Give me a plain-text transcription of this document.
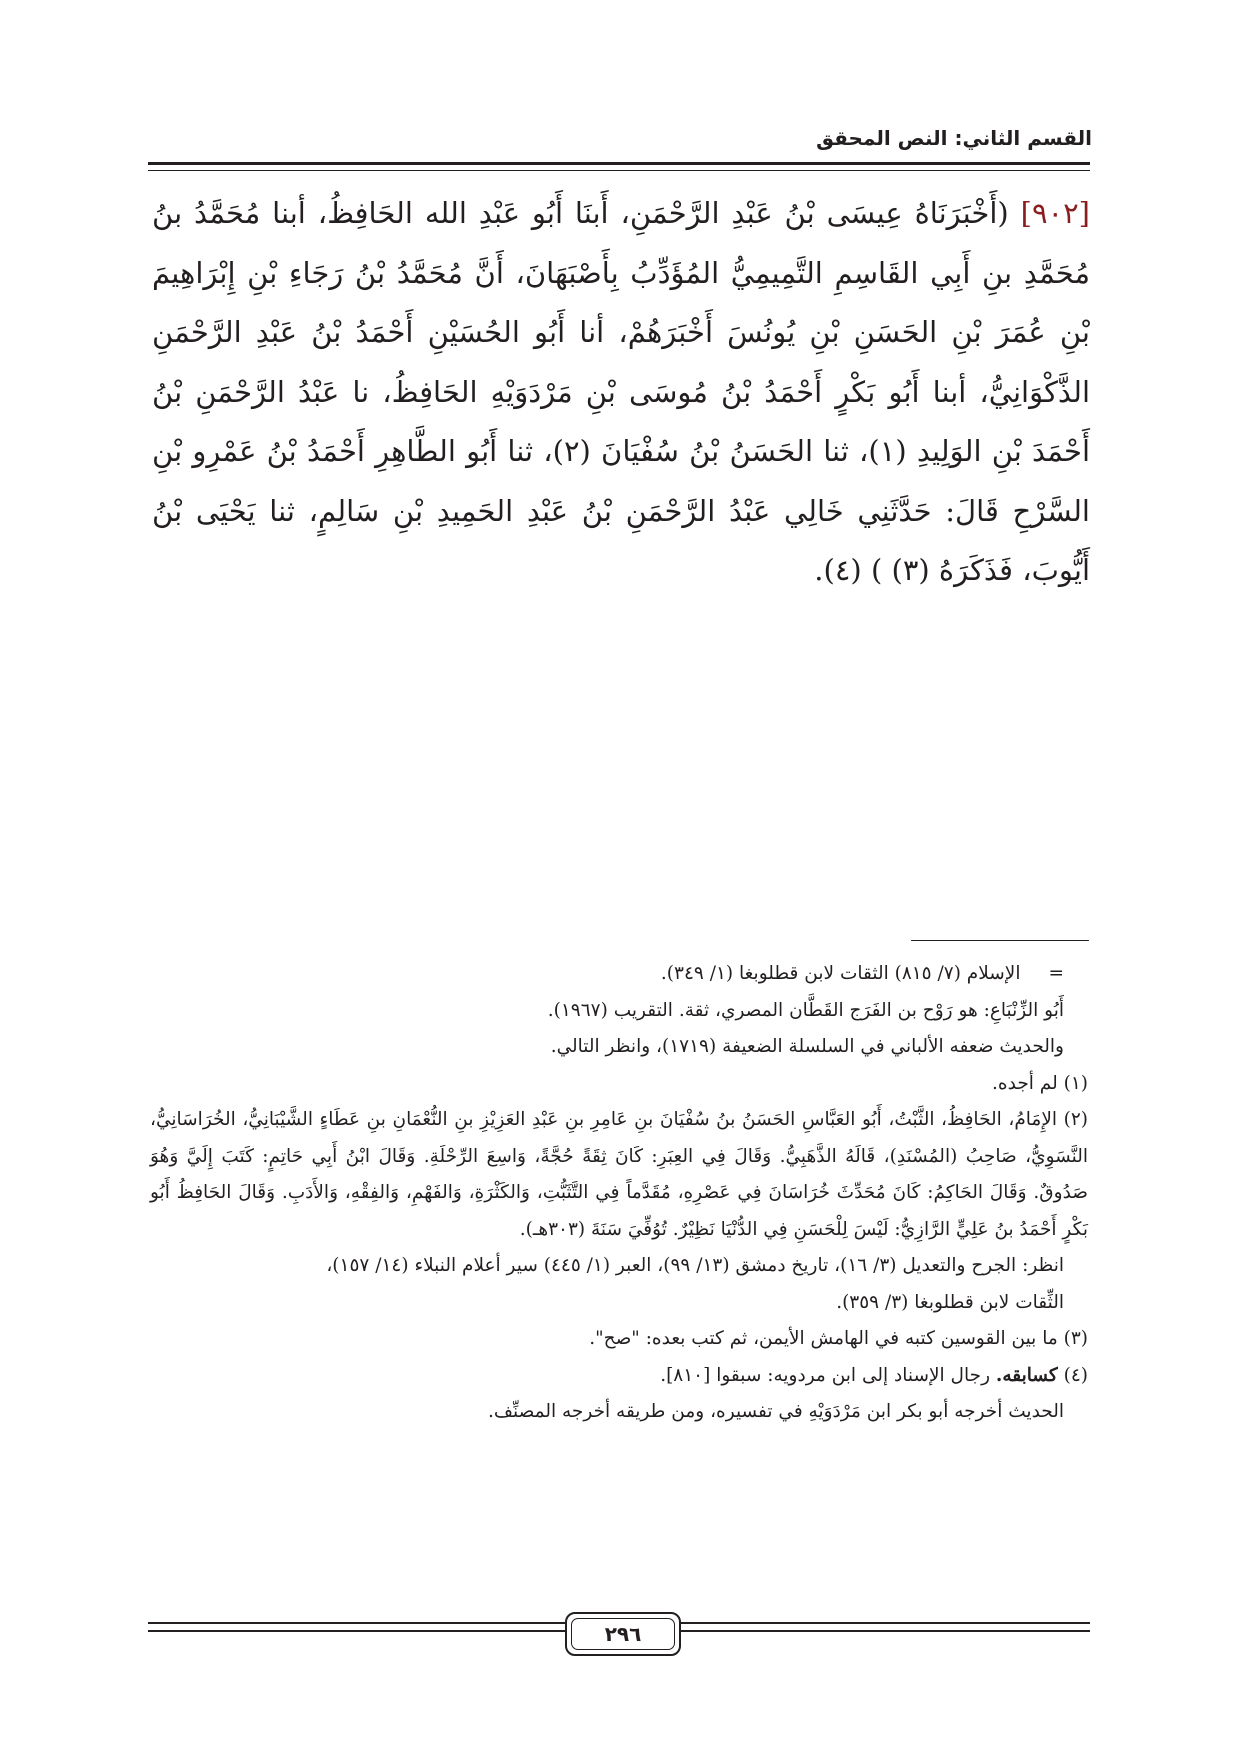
القسم الثاني: النص المحقق
[٩٠٢] (أَخْبَرَنَاهُ عِيسَى بْنُ عَبْدِ الرَّحْمَنِ، أَبنَا أَبُو عَبْدِ الله الحَافِظُ، أبنا مُحَمَّدُ بنُ مُحَمَّدِ بنِ أَبِي القَاسِمِ التَّمِيمِيُّ المُؤَدِّبُ بِأَصْبَهَانَ، أَنَّ مُحَمَّدُ بْنُ رَجَاءِ بْنِ إِبْرَاهِيمَ بْنِ عُمَرَ بْنِ الحَسَنِ بْنِ يُونُسَ أَخْبَرَهُمْ، أنا أَبُو الحُسَيْنِ أَحْمَدُ بْنُ عَبْدِ الرَّحْمَنِ الذَّكْوَانِيُّ، أبنا أَبُو بَكْرٍ أَحْمَدُ بْنُ مُوسَى بْنِ مَرْدَوَيْهِ الحَافِظُ، نا عَبْدُ الرَّحْمَنِ بْنُ أَحْمَدَ بْنِ الوَلِيدِ (١)، ثنا الحَسَنُ بْنُ سُفْيَانَ (٢)، ثنا أَبُو الطَّاهِرِ أَحْمَدُ بْنُ عَمْرِو بْنِ السَّرْحِ قَالَ: حَدَّثَنِي خَالِي عَبْدُ الرَّحْمَنِ بْنُ عَبْدِ الحَمِيدِ بْنِ سَالِمٍ، ثنا يَحْيَى بْنُ أَيُّوبَ، فَذَكَرَهُ (٣) ) (٤).
=الإسلام (٧/ ٨١٥) الثقات لابن قطلوبغا (١/ ٣٤٩).
أَبُو الزِّنْبَاعِ: هو رَوْح بن الفَرَج القَطَّان المصري، ثقة. التقريب (١٩٦٧).
والحديث ضعفه الألباني في السلسلة الضعيفة (١٧١٩)، وانظر التالي.
(١) لم أجده.
(٢) الإِمَامُ، الحَافِظُ، الثَّبْتُ، أَبُو العَبَّاسِ الحَسَنُ بنُ سُفْيَانَ بنِ عَامِرِ بنِ عَبْدِ العَزِيْزِ بنِ النُّعْمَانِ بنِ عَطَاءٍ الشَّيْبَانِيُّ، الخُرَاسَانِيُّ، النَّسَوِيُّ، صَاحِبُ (المُسْنَدِ)، قَالَهُ الذَّهَبِيُّ. وَقَالَ فِي العِبَرِ: كَانَ ثِقَةً حُجَّةً، وَاسِعَ الرِّحْلَةِ. وَقَالَ ابْنُ أَبِي حَاتِمٍ: كَتَبَ إِلَيَّ وَهُوَ صَدُوقٌ. وَقَالَ الحَاكِمُ: كَانَ مُحَدِّثَ خُرَاسَانَ فِي عَصْرِهِ، مُقَدَّماً فِي التَّثَبُّتِ، وَالكَثْرَةِ، وَالفَهْمِ، وَالفِقْهِ، وَالأَدَبِ. وَقَالَ الحَافِظُ أَبُو بَكْرٍ أَحْمَدُ بنُ عَلِيٍّ الرَّازِيُّ: لَيْسَ لِلْحَسَنِ فِي الدُّنْيَا نَظِيْرٌ. تُوُفِّيَ سَنَةَ (٣٠٣هـ).
انظر: الجرح والتعديل (٣/ ١٦)، تاريخ دمشق (١٣/ ٩٩)، العبر (١/ ٤٤٥) سير أعلام النبلاء (١٤/ ١٥٧)،
الثِّقات لابن قطلوبغا (٣/ ٣٥٩).
(٣) ما بين القوسين كتبه في الهامش الأيمن، ثم كتب بعده: "صح".
(٤) كسابقه. رجال الإسناد إلى ابن مردويه: سبقوا [٨١٠].
الحديث أخرجه أبو بكر ابن مَرْدَوَيْهِ في تفسيره، ومن طريقه أخرجه المصنِّف.
٢٩٦
